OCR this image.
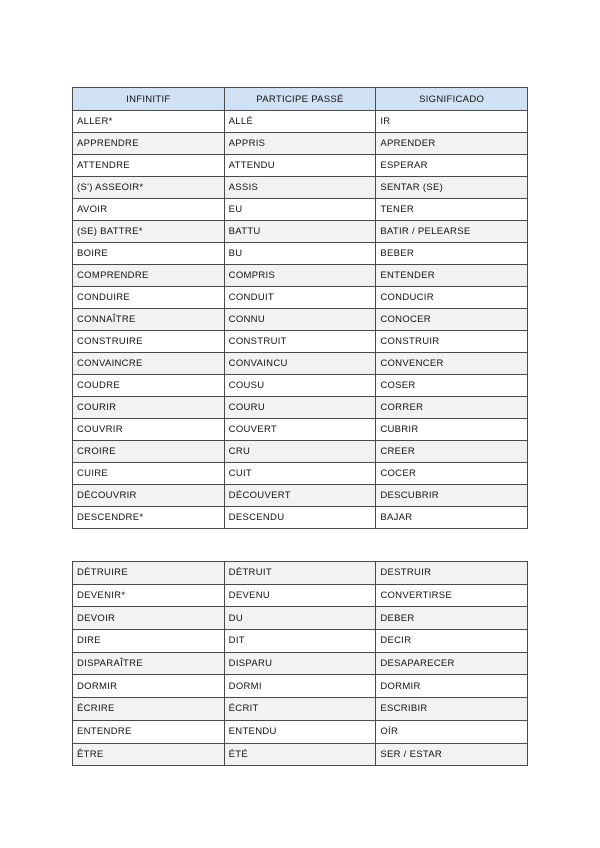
INFINITIF	PARTICIPE PASSÉ	SIGNIFICADO
ALLER*	ALLÉ	IR
APPRENDRE	APPRIS	APRENDER
ATTENDRE	ATTENDU	ESPERAR
(S') ASSEOIR*	ASSIS	SENTAR (SE)
AVOIR	EU	TENER
(SE) BATTRE*	BATTU	BATIR / PELEARSE
BOIRE	BU	BEBER
COMPRENDRE	COMPRIS	ENTENDER
CONDUIRE	CONDUIT	CONDUCIR
CONNAÎTRE	CONNU	CONOCER
CONSTRUIRE	CONSTRUIT	CONSTRUIR
CONVAINCRE	CONVAINCU	CONVENCER
COUDRE	COUSU	COSER
COURIR	COURU	CORRER
COUVRIR	COUVERT	CUBRIR
CROIRE	CRU	CREER
CUIRE	CUIT	COCER
DÉCOUVRIR	DÉCOUVERT	DESCUBRIR
DESCENDRE*	DESCENDU	BAJAR
DÉTRUIRE	DÉTRUIT	DESTRUIR
DEVENIR*	DEVENU	CONVERTIRSE
DEVOIR	DU	DEBER
DIRE	DIT	DECIR
DISPARAÎTRE	DISPARU	DESAPARECER
DORMIR	DORMI	DORMIR
ÉCRIRE	ÉCRIT	ESCRIBIR
ENTENDRE	ENTENDU	OÍR
ÊTRE	ÉTÉ	SER / ESTAR
